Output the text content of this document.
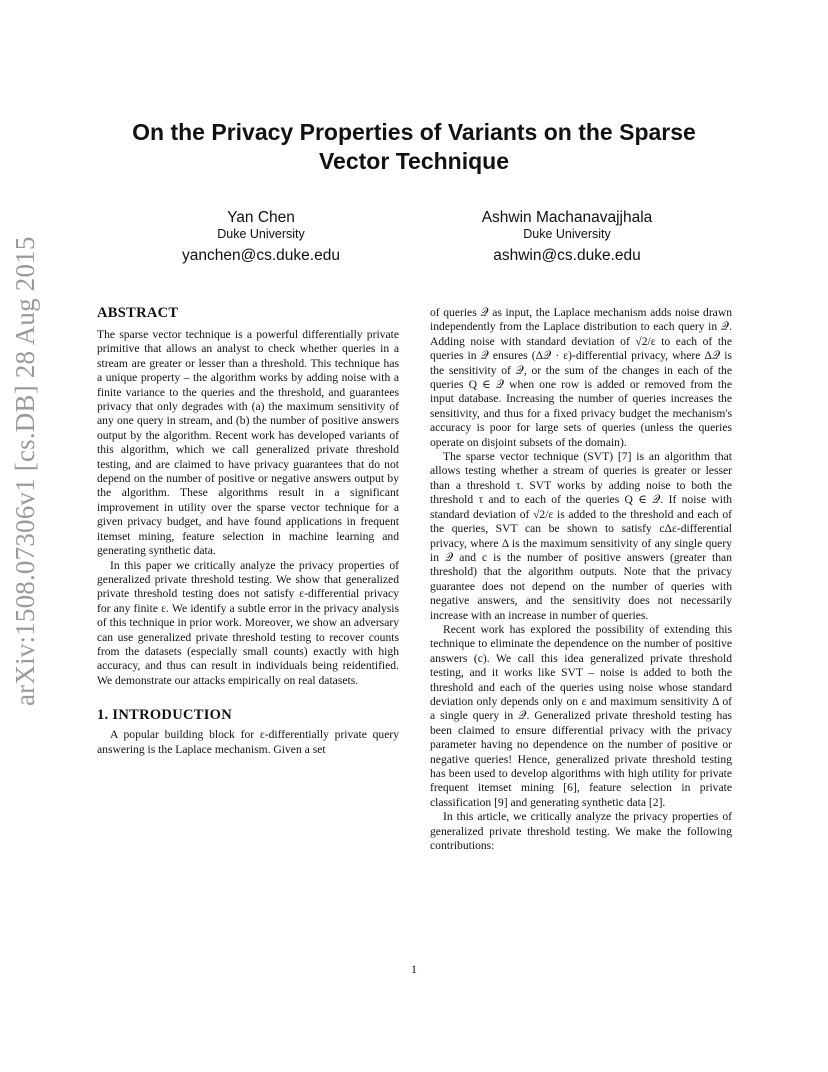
arXiv:1508.07306v1 [cs.DB] 28 Aug 2015
On the Privacy Properties of Variants on the Sparse Vector Technique
Yan Chen
Duke University
yanchen@cs.duke.edu
Ashwin Machanavajjhala
Duke University
ashwin@cs.duke.edu
ABSTRACT

The sparse vector technique is a powerful differentially private primitive that allows an analyst to check whether queries in a stream are greater or lesser than a threshold. This technique has a unique property – the algorithm works by adding noise with a finite variance to the queries and the threshold, and guarantees privacy that only degrades with (a) the maximum sensitivity of any one query in stream, and (b) the number of positive answers output by the algorithm. Recent work has developed variants of this algorithm, which we call generalized private threshold testing, and are claimed to have privacy guarantees that do not depend on the number of positive or negative answers output by the algorithm. These algorithms result in a significant improvement in utility over the sparse vector technique for a given privacy budget, and have found applications in frequent itemset mining, feature selection in machine learning and generating synthetic data.

In this paper we critically analyze the privacy properties of generalized private threshold testing. We show that generalized private threshold testing does not satisfy ε-differential privacy for any finite ε. We identify a subtle error in the privacy analysis of this technique in prior work. Moreover, we show an adversary can use generalized private threshold testing to recover counts from the datasets (especially small counts) exactly with high accuracy, and thus can result in individuals being reidentified. We demonstrate our attacks empirically on real datasets.

1. INTRODUCTION

A popular building block for ε-differentially private query answering is the Laplace mechanism. Given a set

of queries 𝒬 as input, the Laplace mechanism adds noise drawn independently from the Laplace distribution to each query in 𝒬. Adding noise with standard deviation of √2/ε to each of the queries in 𝒬 ensures (Δ𝒬 · ε)-differential privacy, where Δ𝒬 is the sensitivity of 𝒬, or the sum of the changes in each of the queries Q ∈ 𝒬 when one row is added or removed from the input database. Increasing the number of queries increases the sensitivity, and thus for a fixed privacy budget the mechanism's accuracy is poor for large sets of queries (unless the queries operate on disjoint subsets of the domain).

The sparse vector technique (SVT) [7] is an algorithm that allows testing whether a stream of queries is greater or lesser than a threshold τ. SVT works by adding noise to both the threshold τ and to each of the queries Q ∈ 𝒬. If noise with standard deviation of √2/ε is added to the threshold and each of the queries, SVT can be shown to satisfy cΔε-differential privacy, where Δ is the maximum sensitivity of any single query in 𝒬 and c is the number of positive answers (greater than threshold) that the algorithm outputs. Note that the privacy guarantee does not depend on the number of queries with negative answers, and the sensitivity does not necessarily increase with an increase in number of queries.

Recent work has explored the possibility of extending this technique to eliminate the dependence on the number of positive answers (c). We call this idea generalized private threshold testing, and it works like SVT – noise is added to both the threshold and each of the queries using noise whose standard deviation only depends only on ε and maximum sensitivity Δ of a single query in 𝒬. Generalized private threshold testing has been claimed to ensure differential privacy with the privacy parameter having no dependence on the number of positive or negative queries! Hence, generalized private threshold testing has been used to develop algorithms with high utility for private frequent itemset mining [6], feature selection in private classification [9] and generating synthetic data [2].

In this article, we critically analyze the privacy properties of generalized private threshold testing. We make the following contributions:

1
